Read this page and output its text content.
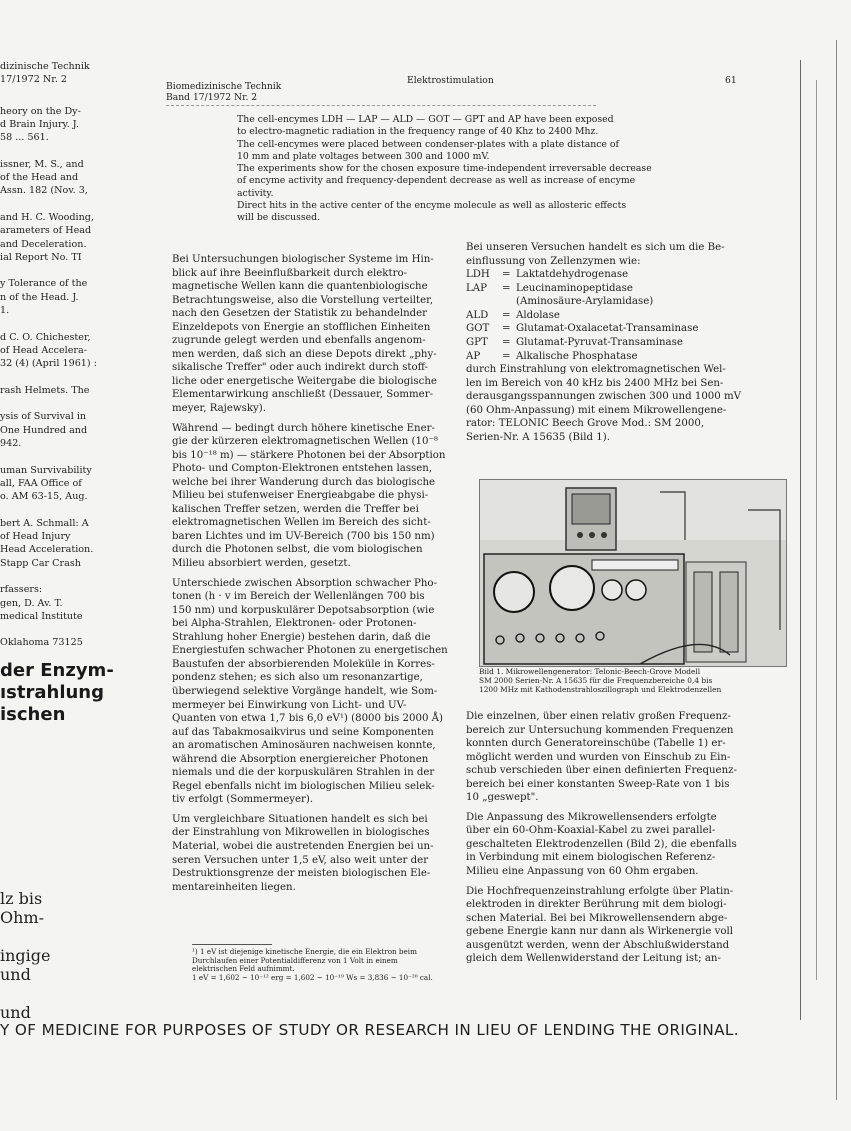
dizinische Technik
17/1972 Nr. 2
heory on the Dy-
d Brain Injury. J.
58 ... 561.

issner, M. S., and
of the Head and
Assn. 182 (Nov. 3,

and H. C. Wooding,
arameters of Head
and Deceleration.
ial Report No. TI

y Tolerance of the
n of the Head. J.
1.

d C. O. Chichester,
of Head Accelera-
32 (4) (April 1961) :

rash Helmets. The

ysis of Survival in
One Hundred and
942.

uman Survivability
all, FAA Office of
o. AM 63-15, Aug.

bert A. Schmall: A
of Head Injury
Head Acceleration.
Stapp Car Crash

rfassers:
gen, D. Av. T.
medical Institute

Oklahoma 73125
der Enzym-
ıstrahlung
ischen
lz bis
Ohm-

ingige
und

und
Biomedizinische Technik
Band 17/1972 Nr. 2
Elektrostimulation	61
The cell-encymes LDH — LAP — ALD — GOT — GPT and AP have been exposed
to electro-magnetic radiation in the frequency range of 40 Khz to 2400 Mhz.
The cell-encymes were placed between condenser-plates with a plate distance of
10 mm and plate voltages between 300 and 1000 mV.
The experiments show for the chosen exposure time-independent irreversable decrease
of encyme activity and frequency-dependent decrease as well as increase of encyme
activity.
Direct hits in the active center of the encyme molecule as well as allosteric effects
will be discussed.
Bei Untersuchungen biologischer Systeme im Hin-
blick auf ihre Beeinflußbarkeit durch elektro-
magnetische Wellen kann die quantenbiologische
Betrachtungsweise, also die Vorstellung verteilter,
nach den Gesetzen der Statistik zu behandelnder
Einzeldepots von Energie an stofflichen Einheiten
zugrunde gelegt werden und ebenfalls angenom-
men werden, daß sich an diese Depots direkt „phy-
sikalische Treffer" oder auch indirekt durch stoff-
liche oder energetische Weitergabe die biologische
Elementarwirkung anschließt (Dessauer, Sommer-
meyer, Rajewsky).
Während — bedingt durch höhere kinetische Ener-
gie der kürzeren elektromagnetischen Wellen (10⁻⁸
bis 10⁻¹⁸ m) — stärkere Photonen bei der Absorption
Photo- und Compton-Elektronen entstehen lassen,
welche bei ihrer Wanderung durch das biologische
Milieu bei stufenweiser Energieabgabe die physi-
kalischen Treffer setzen, werden die Treffer bei
elektromagnetischen Wellen im Bereich des sicht-
baren Lichtes und im UV-Bereich (700 bis 150 nm)
durch die Photonen selbst, die vom biologischen
Milieu absorbiert werden, gesetzt.
Unterschiede zwischen Absorption schwacher Pho-
tonen (h · v im Bereich der Wellenlängen 700 bis
150 nm) und korpuskulärer Depotsabsorption (wie
bei Alpha-Strahlen, Elektronen- oder Protonen-
Strahlung hoher Energie) bestehen darin, daß die
Energiestufen schwacher Photonen zu energetischen
Baustufen der absorbierenden Moleküle in Korres-
pondenz stehen; es sich also um resonanzartige,
überwiegend selektive Vorgänge handelt, wie Som-
mermeyer bei Einwirkung von Licht- und UV-
Quanten von etwa 1,7 bis 6,0 eV¹) (8000 bis 2000 Å)
auf das Tabakmosaikvirus und seine Komponenten
an aromatischen Aminosäuren nachweisen konnte,
während die Absorption energiereicher Photonen
niemals und die der korpuskulären Strahlen in der
Regel ebenfalls nicht im biologischen Milieu selek-
tiv erfolgt (Sommermeyer).
Um vergleichbare Situationen handelt es sich bei
der Einstrahlung von Mikrowellen in biologisches
Material, wobei die austretenden Energien bei un-
seren Versuchen unter 1,5 eV, also weit unter der
Destruktionsgrenze der meisten biologischen Ele-
mentareinheiten liegen.
¹) 1 eV ist diejenige kinetische Energie, die ein Elektron beim
Durchlaufen einer Potentialdifferenz von 1 Volt in einem
elektrischen Feld aufnimmt.
1 eV = 1,602 ~ 10⁻¹² erg = 1,602 ~ 10⁻¹⁹ Ws = 3,836 ~ 10⁻²⁰ cal.
Bei unseren Versuchen handelt es sich um die Be-
einflussung von Zellenzymen wie:
LDH	=	Laktatdehydrogenase
LAP	=	Leucinaminopeptidase
		(Aminosäure-Arylamidase)
ALD	=	Aldolase
GOT	=	Glutamat-Oxalacetat-Transaminase
GPT	=	Glutamat-Pyruvat-Transaminase
AP	=	Alkalische Phosphatase
durch Einstrahlung von elektromagnetischen Wel-
len im Bereich von 40 kHz bis 2400 MHz bei Sen-
derausgangsspannungen zwischen 300 und 1000 mV
(60 Ohm-Anpassung) mit einem Mikrowellengene-
rator: TELONIC Beech Grove Mod.: SM 2000,
Serien-Nr. A 15635 (Bild 1).
Bild 1. Mikrowellengenerator: Telonic-Beech-Grove Modell
SM 2000 Serien-Nr. A 15635 für die Frequenzbereiche 0,4 bis
1200 MHz mit Kathodenstrahloszillograph und Elektrodenzellen
Die einzelnen, über einen relativ großen Frequenz-
bereich zur Untersuchung kommenden Frequenzen
konnten durch Generatoreinschübe (Tabelle 1) er-
möglicht werden und wurden von Einschub zu Ein-
schub verschieden über einen definierten Frequenz-
bereich bei einer konstanten Sweep-Rate von 1 bis
10 „geswept".
Die Anpassung des Mikrowellensenders erfolgte
über ein 60-Ohm-Koaxial-Kabel zu zwei parallel-
geschalteten Elektrodenzellen (Bild 2), die ebenfalls
in Verbindung mit einem biologischen Referenz-
Milieu eine Anpassung von 60 Ohm ergaben.
Die Hochfrequenzeinstrahlung erfolgte über Platin-
elektroden in direkter Berührung mit dem biologi-
schen Material. Bei bei Mikrowellensendern abge-
gebene Energie kann nur dann als Wirkenergie voll
ausgenützt werden, wenn der Abschlußwiderstand
gleich dem Wellenwiderstand der Leitung ist; an-
Y OF MEDICINE FOR PURPOSES OF STUDY OR RESEARCH IN LIEU OF LENDING THE ORIGINAL.
